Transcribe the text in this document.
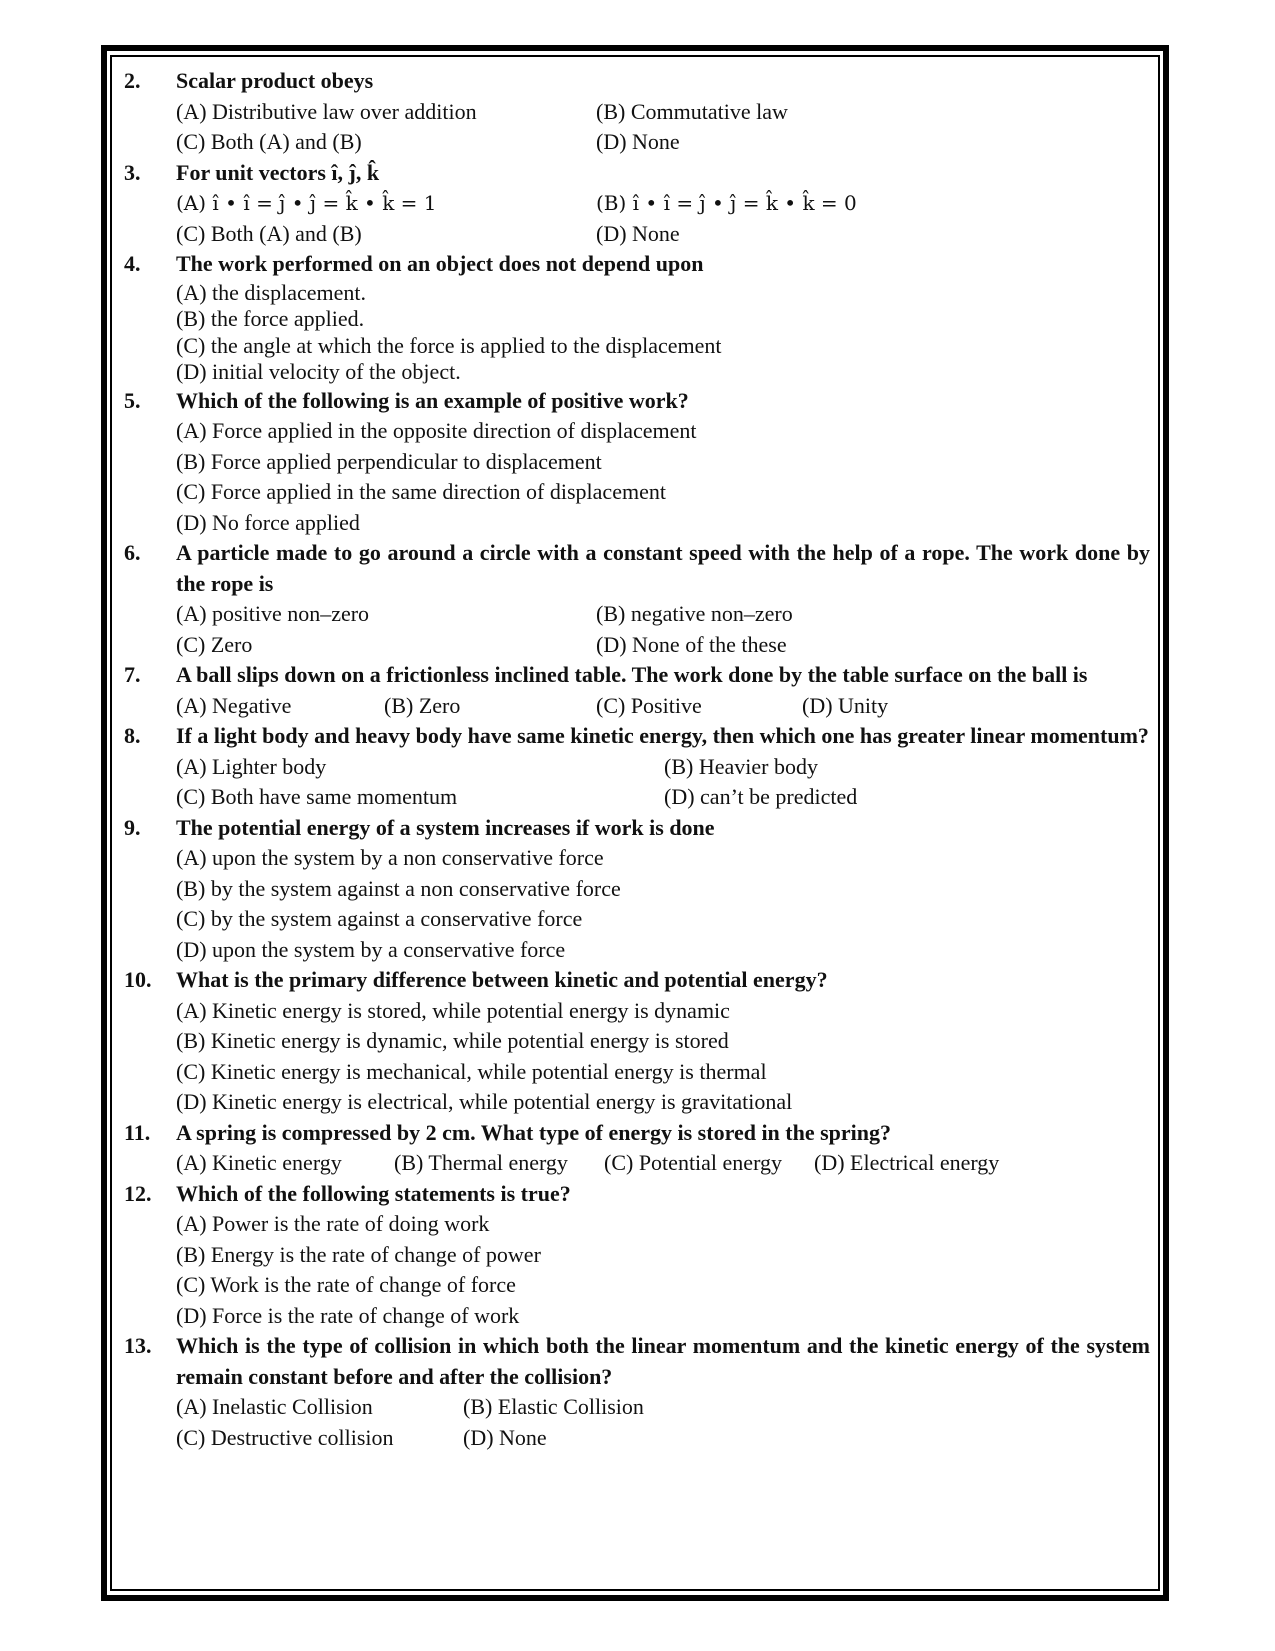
2. Scalar product obeys
(A) Distributive law over addition	(B) Commutative law
(C) Both (A) and (B)	(D) None
3. For unit vectors î, ĵ, k̂
(A) î • î = ĵ • ĵ = k̂ • k̂ = 1	(B) î • î = ĵ • ĵ = k̂ • k̂ = 0
(C) Both (A) and (B)	(D) None
4. The work performed on an object does not depend upon
(A) the displacement.
(B) the force applied.
(C) the angle at which the force is applied to the displacement
(D) initial velocity of the object.
5. Which of the following is an example of positive work?
(A) Force applied in the opposite direction of displacement
(B) Force applied perpendicular to displacement
(C) Force applied in the same direction of displacement
(D) No force applied
6. A particle made to go around a circle with a constant speed with the help of a rope. The work done by the rope is
(A) positive non–zero	(B) negative non–zero
(C) Zero	(D) None of the these
7. A ball slips down on a frictionless inclined table. The work done by the table surface on the ball is
(A) Negative	(B) Zero	(C) Positive	(D) Unity
8. If a light body and heavy body have same kinetic energy, then which one has greater linear momentum?
(A) Lighter body	(B) Heavier body
(C) Both have same momentum	(D) can’t be predicted
9. The potential energy of a system increases if work is done
(A) upon the system by a non conservative force
(B) by the system against a non conservative force
(C) by the system against a conservative force
(D) upon the system by a conservative force
10. What is the primary difference between kinetic and potential energy?
(A) Kinetic energy is stored, while potential energy is dynamic
(B) Kinetic energy is dynamic, while potential energy is stored
(C) Kinetic energy is mechanical, while potential energy is thermal
(D) Kinetic energy is electrical, while potential energy is gravitational
11. A spring is compressed by 2 cm. What type of energy is stored in the spring?
(A) Kinetic energy	(B) Thermal energy	(C) Potential energy	(D) Electrical energy
12. Which of the following statements is true?
(A) Power is the rate of doing work
(B) Energy is the rate of change of power
(C) Work is the rate of change of force
(D) Force is the rate of change of work
13. Which is the type of collision in which both the linear momentum and the kinetic energy of the system remain constant before and after the collision?
(A) Inelastic Collision	(B) Elastic Collision
(C) Destructive collision	(D) None
